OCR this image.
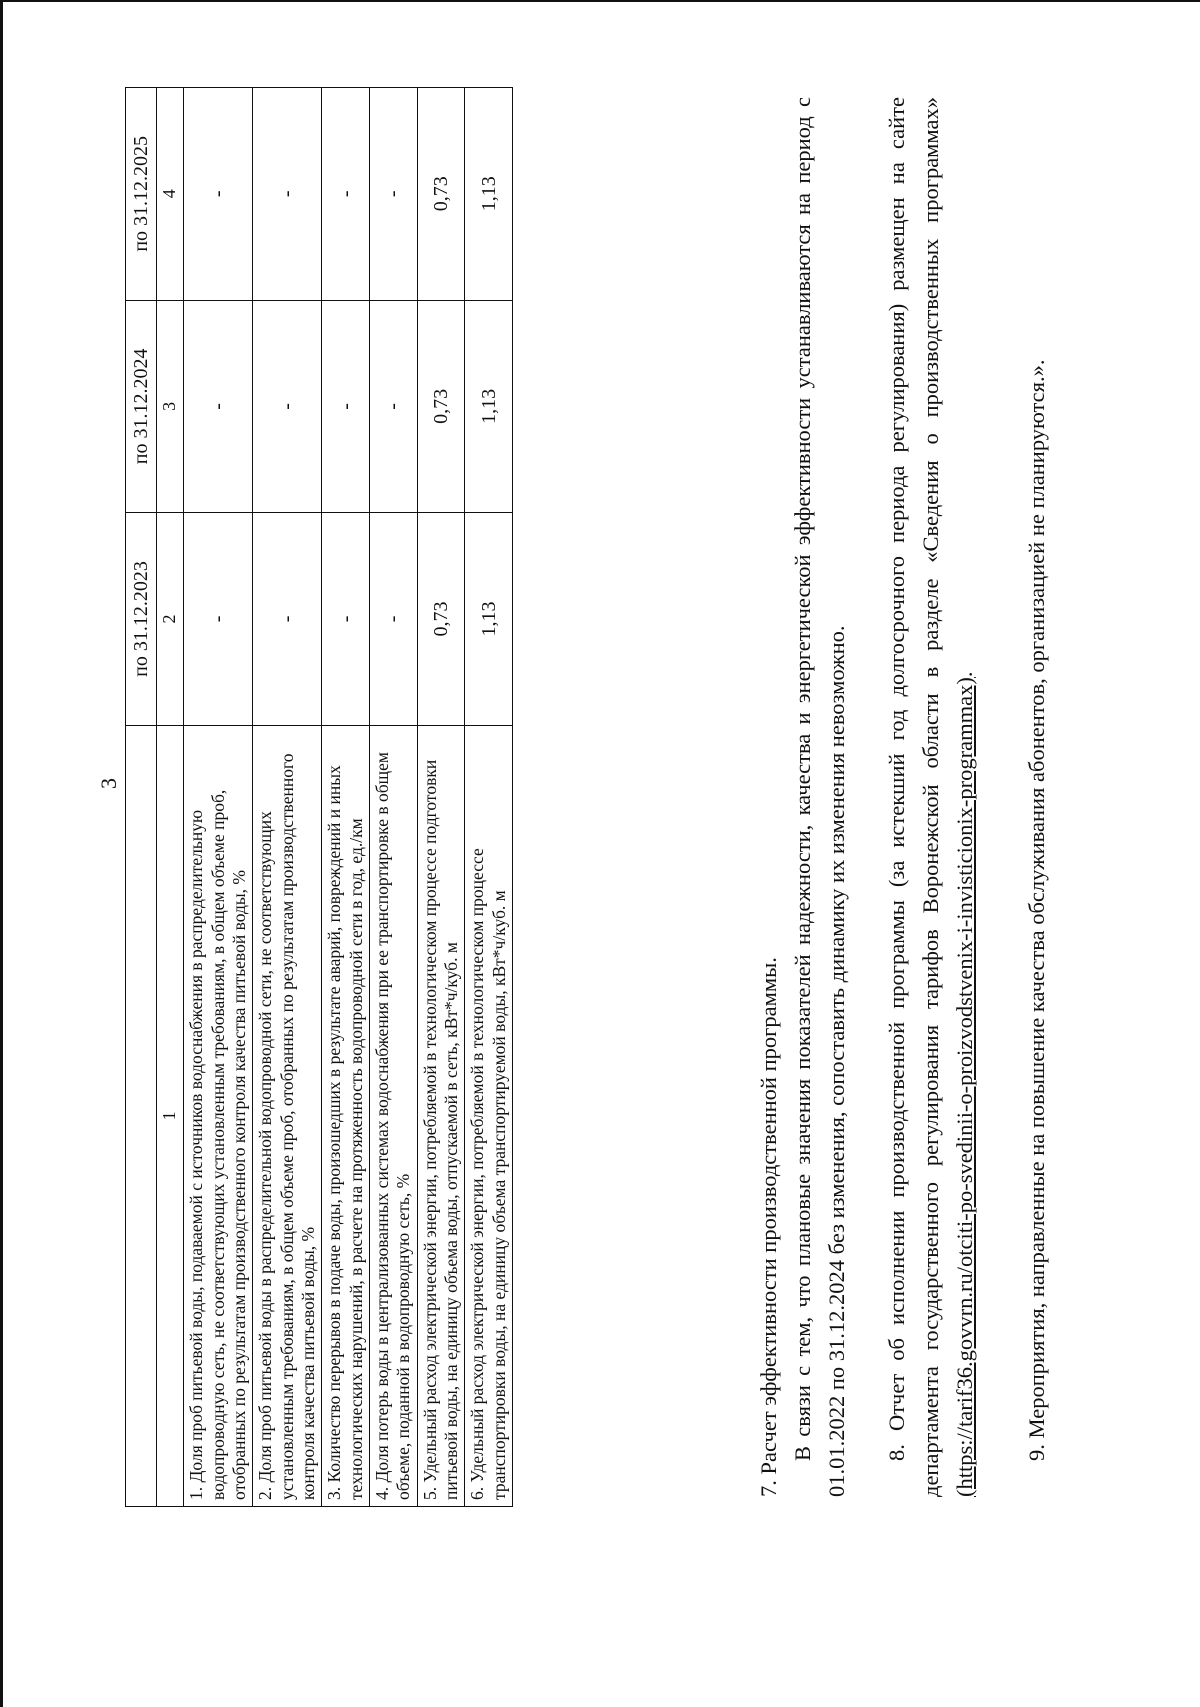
3
	по 31.12.2023	по 31.12.2024	по 31.12.2025
1	2	3	4
1. Доля проб питьевой воды, подаваемой с источников водоснабжения в распределительную водопроводную сеть, не соответствующих установленным требованиям, в общем объеме проб, отобранных по результатам производственного контроля качества питьевой воды, %	-	-	-
2. Доля проб питьевой воды в распределительной водопроводной сети, не соответствующих установленным требованиям, в общем объеме проб, отобранных по результатам производственного контроля качества питьевой воды, %	-	-	-
3. Количество перерывов в подаче воды, произошедших в результате аварий, повреждений и иных технологических нарушений, в расчете на протяженность водопроводной сети в год, ед./км	-	-	-
4. Доля потерь воды в централизованных системах водоснабжения при ее транспортировке в общем объеме, поданной в водопроводную сеть, %	-	-	-
5. Удельный расход электрической энергии, потребляемой в технологическом процессе подготовки питьевой воды, на единицу объема воды, отпускаемой в сеть, кВт*ч/куб. м	0,73	0,73	0,73
6. Удельный расход электрической энергии, потребляемой в технологическом процессе транспортировки воды, на единицу объема транспортируемой воды, кВт*ч/куб. м	1,13	1,13	1,13
7. Расчет эффективности производственной программы. В связи с тем, что плановые значения показателей надежности, качества и энергетической эффективности устанавливаются на период с 01.01.2022 по 31.12.2024 без изменения, сопоставить динамику их изменения невозможно. 8. Отчет об исполнении производственной программы (за истекший год долгосрочного периода регулирования) размещен на сайте департамента государственного регулирования тарифов Воронежской области в разделе «Сведения о производственных программах» (https://tarif36.govvrn.ru/otciti-po-svedinii-o-proizvodstvenix-i-invisticionix-programmax). 9. Мероприятия, направленные на повышение качества обслуживания абонентов, организацией не планируются.».
